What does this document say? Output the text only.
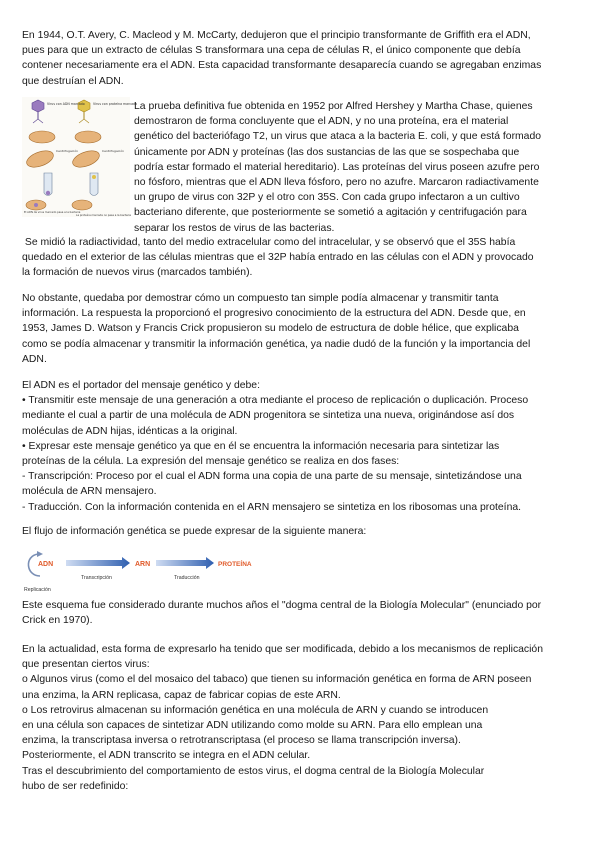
En 1944, O.T. Avery, C. Macleod y M. McCarty, dedujeron que el principio transformante de Griffith era el ADN,
pues para que un extracto de células S transformara una cepa de células R, el único componente que debía
contener necesariamente era el ADN. Esta capacidad transformante desaparecía cuando se agregaban enzimas
que destruían el ADN.

Virus con ADN marcado	Virus con proteína marcada
Centrifugación	Centrifugación
El ADN de virus marcado pasa a la bacteria
La proteína marcada no pasa a la bacteria

La prueba definitiva fue obtenida en 1952 por Alfred Hershey y Martha Chase, quienes
demostraron de forma concluyente que el ADN, y no una proteína, era el material
genético del bacteriófago T2, un virus que ataca a la bacteria E. coli, y que está formado
únicamente por ADN y proteínas (las dos sustancias de las que se sospechaba que
podría estar formado el material hereditario). Las proteínas del virus poseen azufre pero
no fósforo, mientras que el ADN lleva fósforo, pero no azufre. Marcaron radiactivamente
un grupo de virus con 32P y el otro con 35S. Con cada grupo infectaron a un cultivo
bacteriano diferente, que posteriormente se sometió a agitación y centrifugación para
separar los restos de virus de las bacterias.

Se midió la radiactividad, tanto del medio extracelular como del intracelular, y se observó que el 35S había
quedado en el exterior de las células mientras que el 32P había entrado en las células con el ADN y provocado
la formación de nuevos virus (marcados también).

No obstante, quedaba por demostrar cómo un compuesto tan simple podía almacenar y transmitir tanta
información. La respuesta la proporcionó el progresivo conocimiento de la estructura del ADN. Desde que, en
1953, James D. Watson y Francis Crick propusieron su modelo de estructura de doble hélice, que explicaba
como se podía almacenar y transmitir la información genética, ya nadie dudó de la función y la importancia del
ADN.

El ADN es el portador del mensaje genético y debe:
• Transmitir este mensaje de una generación a otra mediante el proceso de replicación o duplicación. Proceso
mediante el cual a partir de una molécula de ADN progenitora se sintetiza una nueva, originándose así dos
moléculas de ADN hijas, idénticas a la original.
• Expresar este mensaje genético ya que en él se encuentra la información necesaria para sintetizar las
proteínas de la célula. La expresión del mensaje genético se realiza en dos fases:
- Transcripción: Proceso por el cual el ADN forma una copia de una parte de su mensaje, sintetizándose una
molécula de ARN mensajero.
- Traducción. Con la información contenida en el ARN mensajero se sintetiza en los ribosomas una proteína.

El flujo de información genética se puede expresar de la siguiente manera:

ADN	ARN	PROTEÍNA
Transcripción	Traducción
Replicación

Este esquema fue considerado durante muchos años el "dogma central de la Biología Molecular" (enunciado por
Crick en 1970).

En la actualidad, esta forma de expresarlo ha tenido que ser modificada, debido a los mecanismos de replicación
que presentan ciertos virus:
o Algunos virus (como el del mosaico del tabaco) que tienen su información genética en forma de ARN poseen
una enzima, la ARN replicasa, capaz de fabricar copias de este ARN.
o Los retrovirus almacenan su información genética en una molécula de ARN y cuando se introducen
en una célula son capaces de sintetizar ADN utilizando como molde su ARN. Para ello emplean una
enzima, la transcriptasa inversa o retrotranscriptasa (el proceso se llama transcripción inversa).
Posteriormente, el ADN transcrito se integra en el ADN celular.
Tras el descubrimiento del comportamiento de estos virus, el dogma central de la Biología Molecular
hubo de ser redefinido:
